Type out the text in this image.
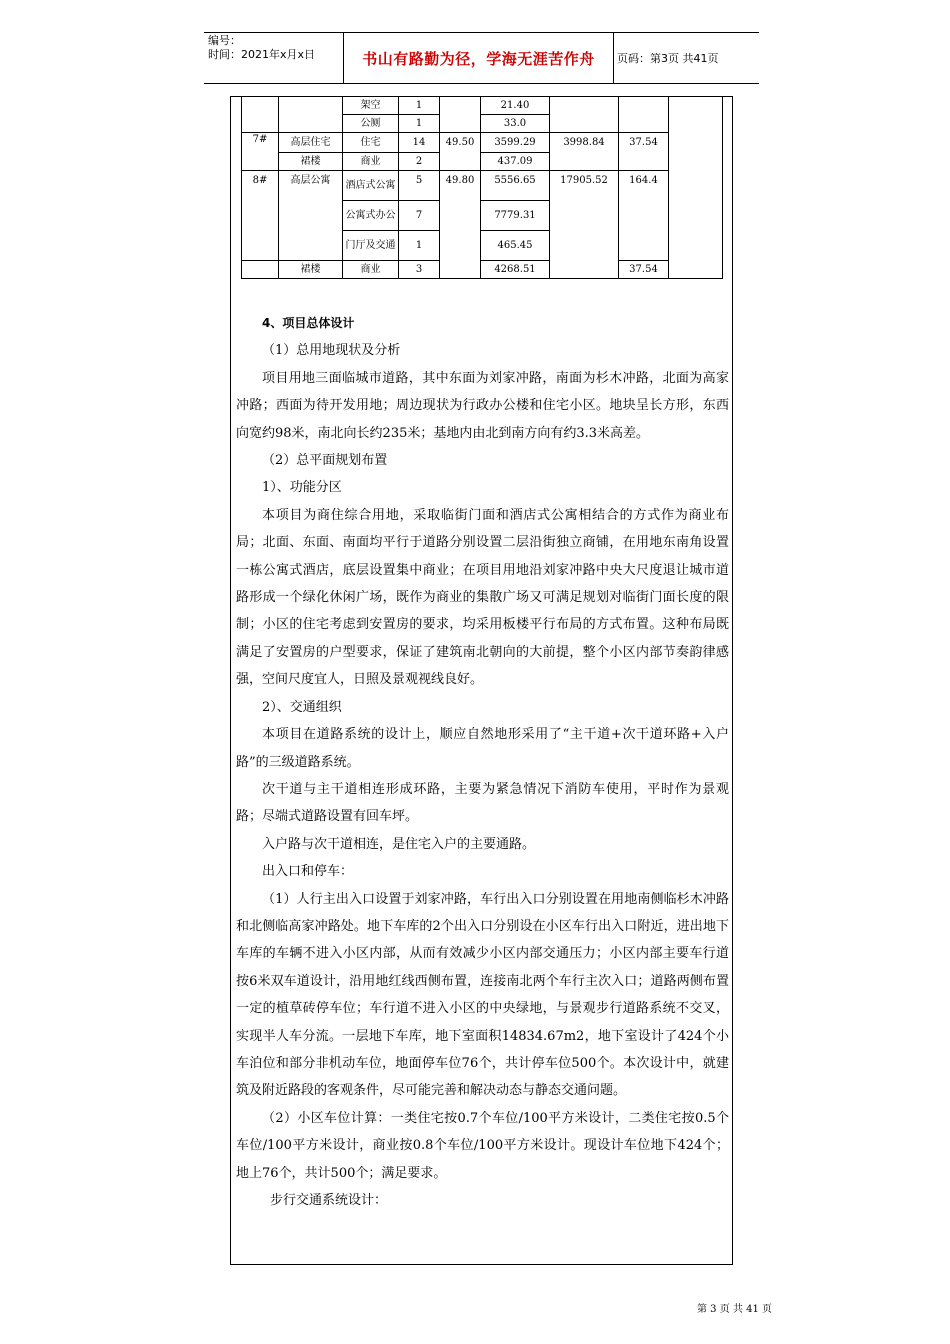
编号：
时间：2021年x月x日	书山有路勤为径，学海无涯苦作舟	页码：第3页 共41页
		架空	1		21.40			
		公厕	1		33.0			
7#	高层住宅	住宅	14	49.50	3599.29	3998.84	37.54	
	裙楼	商业	2		437.09			
8#	高层公寓	酒店式公寓	5	49.80	5556.65	17905.52	164.4	
		公寓式办公	7		7779.31			
		门厅及交通	1		465.45			
	裙楼	商业	3		4268.51		37.54	

4、项目总体设计

（1）总用地现状及分析

项目用地三面临城市道路，其中东面为刘家冲路，南面为杉木冲路，北面为高家冲路；西面为待开发用地；周边现状为行政办公楼和住宅小区。地块呈长方形，东西向宽约98米，南北向长约235米；基地内由北到南方向有约3.3米高差。

（2）总平面规划布置

1）、功能分区

本项目为商住综合用地，采取临街门面和酒店式公寓相结合的方式作为商业布局；北面、东面、南面均平行于道路分别设置二层沿街独立商铺，在用地东南角设置一栋公寓式酒店，底层设置集中商业；在项目用地沿刘家冲路中央大尺度退让城市道路形成一个绿化休闲广场，既作为商业的集散广场又可满足规划对临街门面长度的限制；小区的住宅考虑到安置房的要求，均采用板楼平行布局的方式布置。这种布局既满足了安置房的户型要求，保证了建筑南北朝向的大前提，整个小区内部节奏韵律感强，空间尺度宜人，日照及景观视线良好。

2）、交通组织

本项目在道路系统的设计上，顺应自然地形采用了“主干道+次干道环路+入户路”的三级道路系统。

次干道与主干道相连形成环路，主要为紧急情况下消防车使用，平时作为景观路；尽端式道路设置有回车坪。

入户路与次干道相连，是住宅入户的主要通路。

出入口和停车：

（1）人行主出入口设置于刘家冲路，车行出入口分别设置在用地南侧临杉木冲路和北侧临高家冲路处。地下车库的2个出入口分别设在小区车行出入口附近，进出地下车库的车辆不进入小区内部，从而有效减少小区内部交通压力；小区内部主要车行道按6米双车道设计，沿用地红线西侧布置，连接南北两个车行主次入口；道路两侧布置一定的植草砖停车位；车行道不进入小区的中央绿地，与景观步行道路系统不交叉，实现半人车分流。一层地下车库，地下室面积14834.67m2，地下室设计了424个小车泊位和部分非机动车位，地面停车位76个，共计停车位500个。本次设计中，就建筑及附近路段的客观条件，尽可能完善和解决动态与静态交通问题。

（2）小区车位计算：一类住宅按0.7个车位/100平方米设计，二类住宅按0.5个车位/100平方米设计，商业按0.8个车位/100平方米设计。现设计车位地下424个；地上76个，共计500个；满足要求。

步行交通系统设计：

第 3 页 共 41 页
